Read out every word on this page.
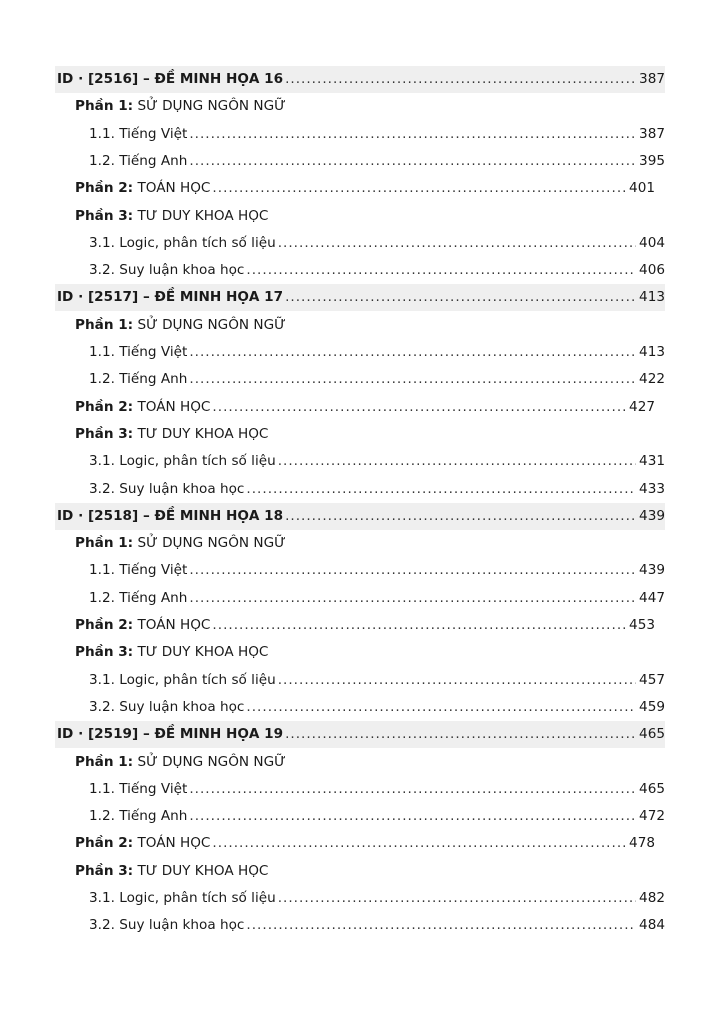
ID · [2516] – ĐỀ MINH HỌA 16 .....	387
Phần 1: SỬ DỤNG NGÔN NGỮ
1.1. Tiếng Việt .....	387
1.2. Tiếng Anh .....	395
Phần 2: TOÁN HỌC .....	401
Phần 3: TƯ DUY KHOA HỌC
3.1. Logic, phân tích số liệu .....	404
3.2. Suy luận khoa học .....	406
ID · [2517] – ĐỀ MINH HỌA 17 .....	413
Phần 1: SỬ DỤNG NGÔN NGỮ
1.1. Tiếng Việt .....	413
1.2. Tiếng Anh .....	422
Phần 2: TOÁN HỌC .....	427
Phần 3: TƯ DUY KHOA HỌC
3.1. Logic, phân tích số liệu .....	431
3.2. Suy luận khoa học .....	433
ID · [2518] – ĐỀ MINH HỌA 18 .....	439
Phần 1: SỬ DỤNG NGÔN NGỮ
1.1. Tiếng Việt .....	439
1.2. Tiếng Anh .....	447
Phần 2: TOÁN HỌC .....	453
Phần 3: TƯ DUY KHOA HỌC
3.1. Logic, phân tích số liệu .....	457
3.2. Suy luận khoa học .....	459
ID · [2519] – ĐỀ MINH HỌA 19 .....	465
Phần 1: SỬ DỤNG NGÔN NGỮ
1.1. Tiếng Việt .....	465
1.2. Tiếng Anh .....	472
Phần 2: TOÁN HỌC .....	478
Phần 3: TƯ DUY KHOA HỌC
3.1. Logic, phân tích số liệu .....	482
3.2. Suy luận khoa học .....	484
